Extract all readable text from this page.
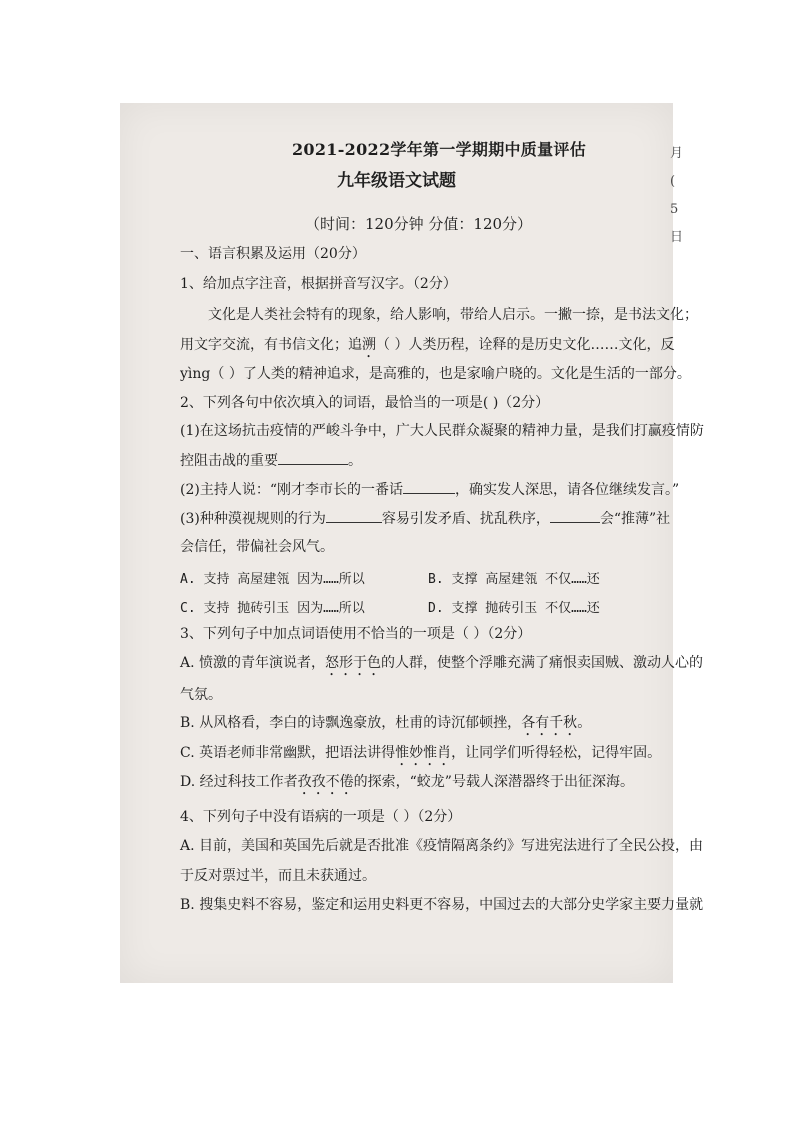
月
(
5
日
2021-2022学年第一学期期中质量评估
九年级语文试题
（时间：120分钟 分值：120分）
一、语言积累及运用（20分）
1、给加点字注音，根据拼音写汉字。（2分）
文化是人类社会特有的现象，给人影响，带给人启示。一撇一捺，是书法文化；
用文字交流，有书信文化；追溯（ ）人类历程，诠释的是历史文化……文化，反
yìng（ ）了人类的精神追求，是高雅的，也是家喻户晓的。文化是生活的一部分。
2、下列各句中依次填入的词语，最恰当的一项是( )（2分）
(1)在这场抗击疫情的严峻斗争中，广大人民群众凝聚的精神力量，是我们打赢疫情防
控阻击战的重要	。
(2)主持人说：“刚才李市长的一番话	，确实发人深思，请各位继续发言。”
(3)种种漠视规则的行为	容易引发矛盾、扰乱秩序，	会“推薄”社
会信任，带偏社会风气。
A. 支持 高屋建瓴 因为……所以	B. 支撑 高屋建瓴 不仅……还
C. 支持 抛砖引玉 因为……所以	D. 支撑 抛砖引玉 不仅……还
3、下列句子中加点词语使用不恰当的一项是（ ）（2分）
A. 愤激的青年演说者，怒形于色的人群，使整个浮雕充满了痛恨卖国贼、激动人心的
气氛。
B. 从风格看，李白的诗飘逸豪放，杜甫的诗沉郁顿挫，各有千秋。
C. 英语老师非常幽默，把语法讲得惟妙惟肖，让同学们听得轻松，记得牢固。
D. 经过科技工作者孜孜不倦的探索，“蛟龙”号载人深潜器终于出征深海。
4、下列句子中没有语病的一项是（ ）（2分）
A. 目前，美国和英国先后就是否批准《疫情隔离条约》写进宪法进行了全民公投，由
于反对票过半，而且未获通过。
B. 搜集史料不容易，鉴定和运用史料更不容易，中国过去的大部分史学家主要力量就
